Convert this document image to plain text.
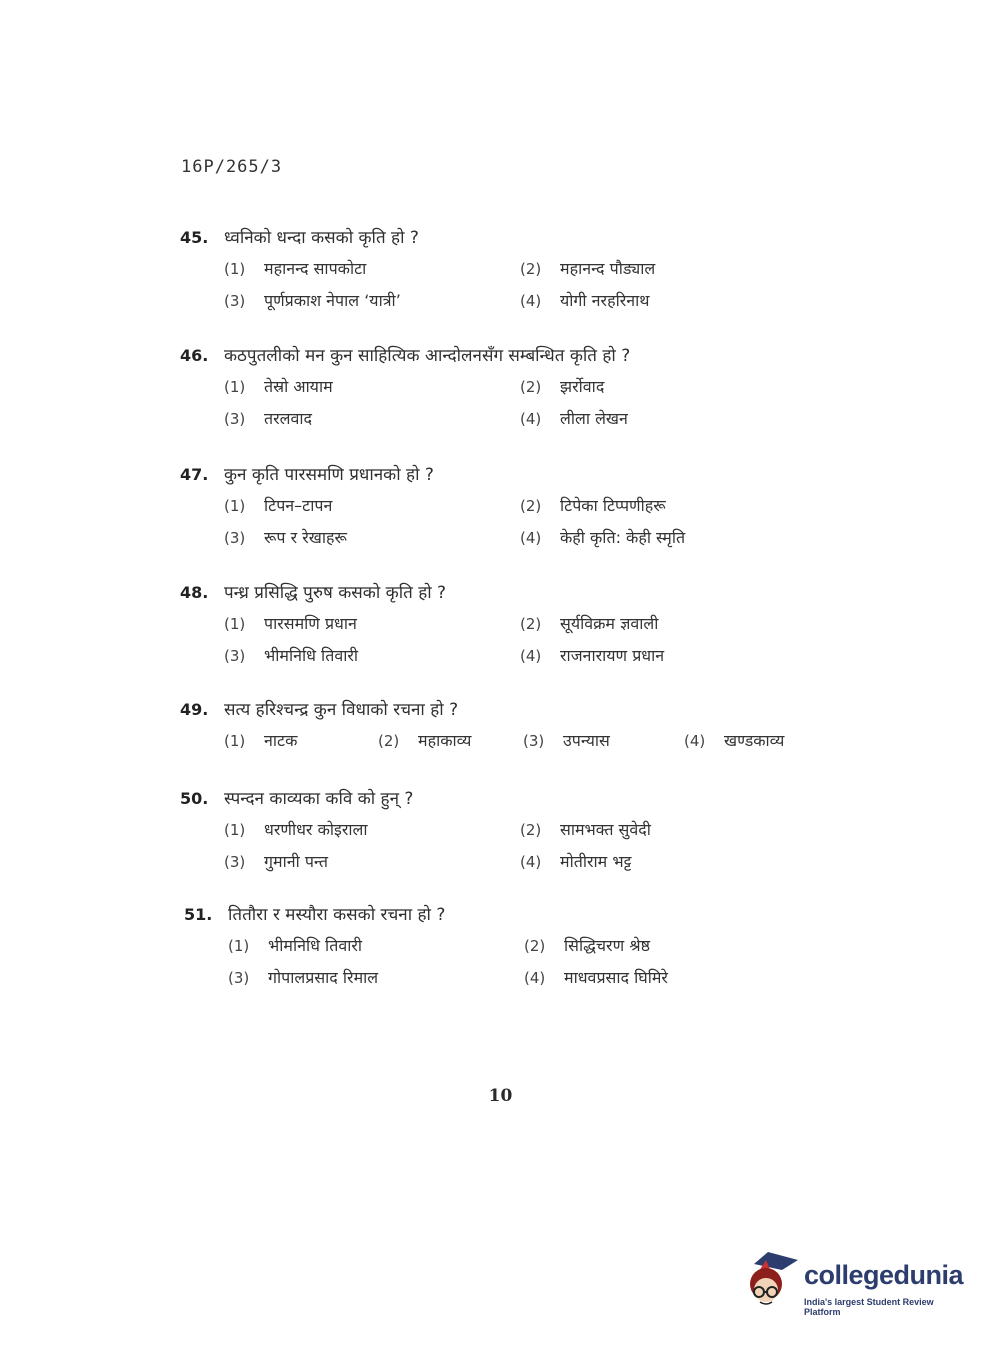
16P/265/3
45. ध्वनिको धन्दा कसको कृति हो ?
(1)	महानन्द सापकोटा	(2)	महानन्द पौड्याल
(3)	पूर्णप्रकाश नेपाल ‘यात्री’	(4)	योगी नरहरिनाथ
46. कठपुतलीको मन कुन साहित्यिक आन्दोलनसँग सम्बन्धित कृति हो ?
(1)	तेस्रो आयाम	(2)	झर्रोवाद
(3)	तरलवाद	(4)	लीला लेखन
47. कुन कृति पारसमणि प्रधानको हो ?
(1)	टिपन–टापन	(2)	टिपेका टिप्पणीहरू
(3)	रूप र रेखाहरू	(4)	केही कृति: केही स्मृति
48. पन्ध्र प्रसिद्धि पुरुष कसको कृति हो ?
(1)	पारसमणि प्रधान	(2)	सूर्यविक्रम ज्ञवाली
(3)	भीमनिधि तिवारी	(4)	राजनारायण प्रधान
49. सत्य हरिश्चन्द्र कुन विधाको रचना हो ?
(1)	नाटक	(2)	महाकाव्य	(3)	उपन्यास	(4)	खण्डकाव्य
50. स्पन्दन काव्यका कवि को हुन् ?
(1)	धरणीधर कोइराला	(2)	सामभक्त सुवेदी
(3)	गुमानी पन्त	(4)	मोतीराम भट्ट
51. तितौरा र मस्यौरा कसको रचना हो ?
(1)	भीमनिधि तिवारी	(2)	सिद्धिचरण श्रेष्ठ
(3)	गोपालप्रसाद रिमाल	(4)	माधवप्रसाद घिमिरे
10
collegedunia
India's largest Student Review Platform
